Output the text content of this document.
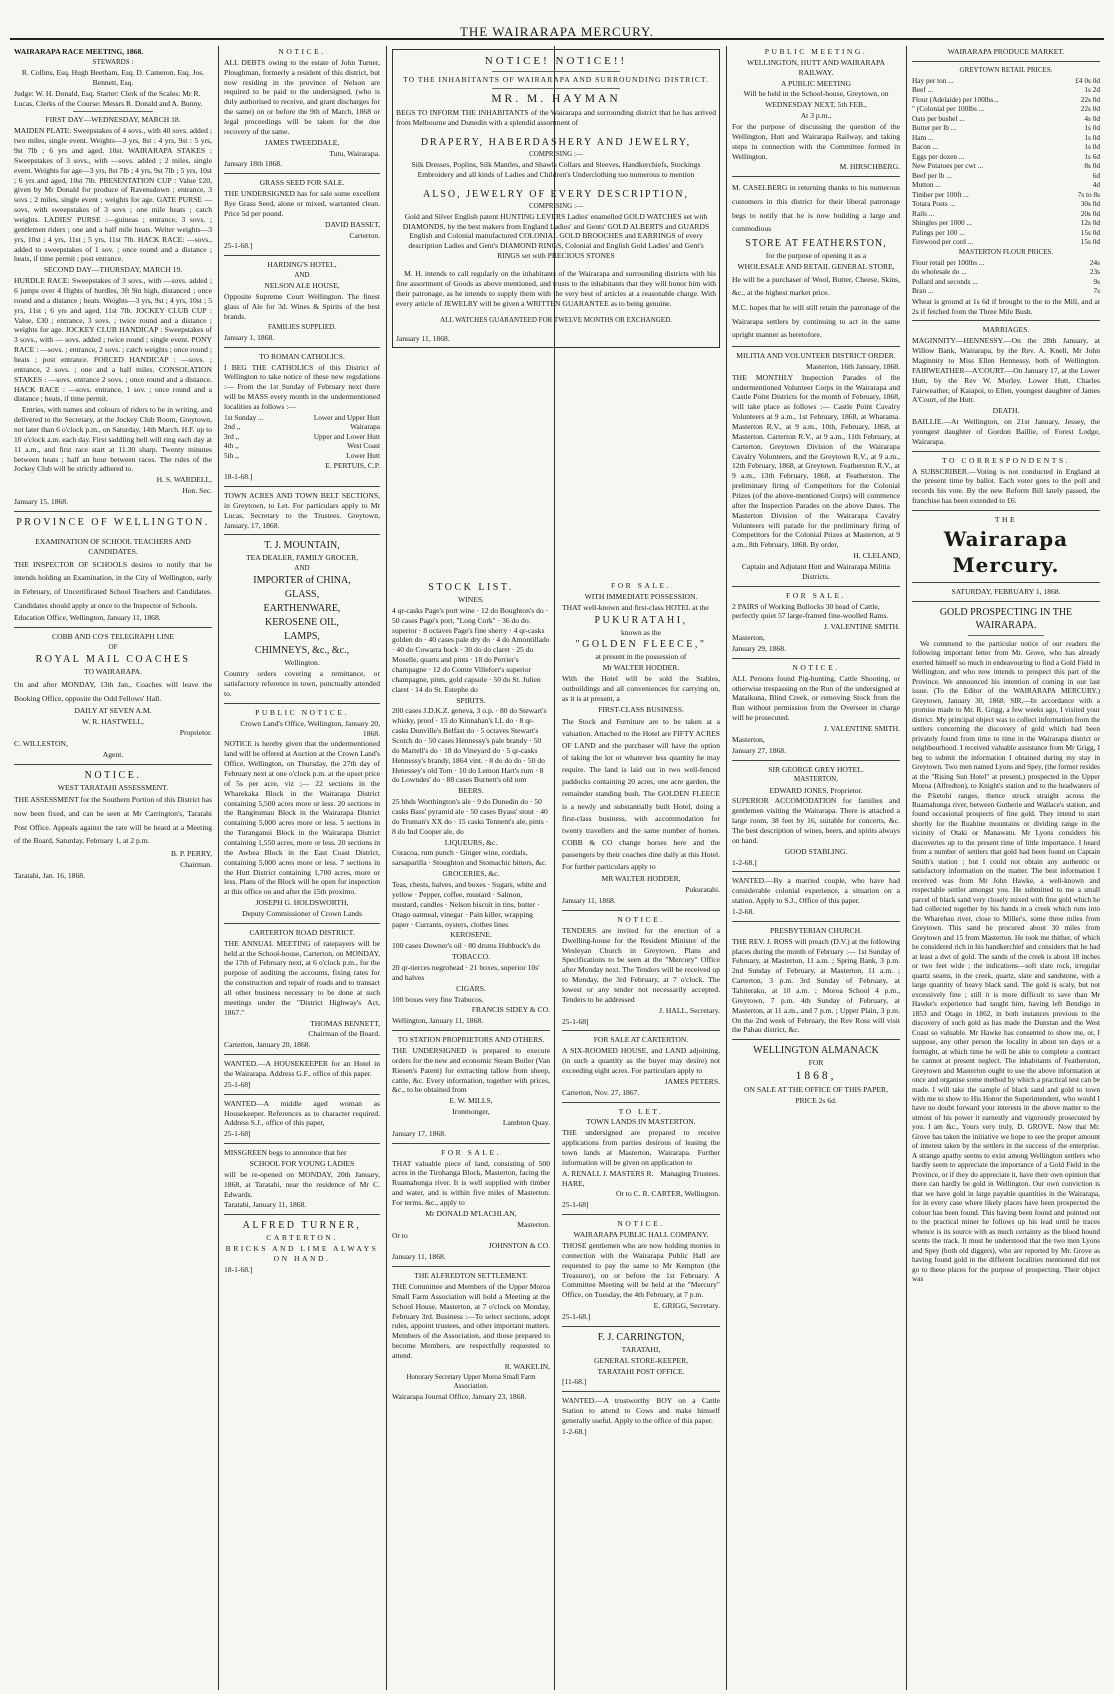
THE WAIRARAPA MERCURY.

WAIRARAPA RACE MEETING, 1868.

STEWARDS :

R. Collins, Esq. Hugh Beetham, Esq. D. Cameron, Esq. Jos. Bennett, Esq.

Judge: W. H. Donald, Esq. Starter: Clerk of the Scales: Mr R. Lucas, Clerks of the Course: Messrs R. Donald and A. Bunny.

FIRST DAY—WEDNESDAY, MARCH 18.

MAIDEN PLATE: Sweepstakes of 4 sovs., with 40 sovs. added ; two miles, single event. Weights—3 yrs, 8st : 4 yrs, 9st : 5 yrs, 9st 7lb ; 6 yrs and aged, 10st. WAIRARAPA STAKES : Sweepstakes of 3 sovs., with —sovs. added ; 2 miles, single event. Weights for age—3 yrs, 8st 7lb ; 4 yrs, 9st 7lb ; 5 yrs, 10st ; 6 yrs and aged, 10st 7lb. PRESENTATION CUP : Value £20, given by Mr Donald for produce of Ravensdown ; entrance, 3 sovs ; 2 miles, single event ; weights for age. GATE PURSE —sovs, with sweepstakes of 3 sovs ; one mile heats ; catch weights. LADIES' PURSE :—guineas ; entrance, 3 sovs. ; gentlemen riders ; one and a half mile heats. Welter weights—3 yrs, 10st ; 4 yrs, 11st ; 5 yrs, 11st 7lb. HACK RACE: —sovs., added to sweepstakes of 1 sov. ; once round and a distance ; heats, if time permit ; post entrance.

SECOND DAY—THURSDAY, MARCH 19.

HURDLE RACE: Sweepstakes of 3 sovs., with —sovs. added ; 6 jumps over 4 flights of hurdles, 3ft 9in high, distanced ; once round and a distance ; heats. Weights—3 yrs, 9st ; 4 yrs, 10st ; 5 yrs, 11st ; 6 yrs and aged, 11st 7lb. JOCKEY CLUB CUP : Value, £30 ; entrance, 3 sovs. ; twice round and a distance ; weights for age. JOCKEY CLUB HANDICAP : Sweepstakes of 3 sovs., with — sovs. added ; twice round ; single event. PONY RACE : —sovs. ; entrance, 2 sovs. ; catch weights ; once round ; heats ; post entrance. FORCED HANDICAP : —sovs. ; entrance, 2 sovs. ; one and a half miles. CONSOLATION STAKES : —sovs. entrance 2 sovs. ; once round and a distance. HACK RACE : —sovs. entrance, 1 sov. ; once round and a distance ; heats, if time permit.

Entries, with names and colours of riders to be in writing, and delivered to the Secretary, at the Jockey Club Room, Greytown, not later than 6 o'clock p.m., on Saturday, 14th March. H.F. up to 10 o'clock a.m. each day. First saddling bell will ring each day at 11 a.m., and first race start at 11.30 sharp. Twenty minutes between heats ; half an hour between races. The rules of the Jockey Club will be strictly adhered to.

H. S. WARDELL,

Hon. Sec.

January 15, 1868.

PROVINCE OF WELLINGTON.

EXAMINATION OF SCHOOL TEACHERS AND CANDIDATES.

THE INSPECTOR OF SCHOOLS desires to notify that he intends holding an Examination, in the City of Wellington, early in February, of Uncertificated School Teachers and Candidates. Candidates should apply at once to the Inspector of Schools.

Education Office, Wellington, January 11, 1868.

COBB AND CO'S TELEGRAPH LINE

OF

ROYAL MAIL COACHES

TO WAIRARAPA.

On and after MONDAY, 13th Jan., Coaches will leave the Booking Office, opposite the Odd Fellows' Hall.

DAILY AT SEVEN A.M.

W. R. HASTWELL,

Proprietor.

C. WILLESTON,

Agent.

NOTICE.

WEST TARATAHI ASSESSMENT.

THE ASSESSMENT for the Southern Portion of this District has now been fixed, and can be seen at Mr Carrington's, Taratahi Post Office. Appeals against the rate will be heard at a Meeting of the Board, Saturday, February 1, at 2 p.m.

B. P. PERRY,

Chairman.

Taratahi, Jan. 16, 1868.

NOTICE.

ALL DEBTS owing to the estate of John Turner, Ploughman, formerly a resident of this district, but now residing in the province of Nelson are required to be paid to the undersigned, (who is duly authorised to receive, and grant discharges for the same) on or before the 9th of March, 1868 or legal proceedings will be taken for the due recovery of the same.

JAMES TWEEDDALE,

Tutu, Wairarapa.

January 18th 1868.

GRASS SEED FOR SALE.

THE UNDERSIGNED has for sale some excellent Rye Grass Seed, alone or mixed, warranted clean. Price 5d per pound.

DAVID BASSET,

Carterton.

25-1-68.]

HARDING'S HOTEL,

AND

NELSON ALE HOUSE,

Opposite Supreme Court Wellington. The finest glass of Ale for 3d. Wines & Spirits of the best brands.

FAMILIES SUPPLIED.

January 1, 1868.

TO ROMAN CATHOLICS.

I BEG THE CATHOLICS of this District of Wellington to take notice of these new regulations :— From the 1st Sunday of February next there will be MASS every month in the undermentioned localities as follows :—

1st Sunday ...	Lower and Upper Hutt
2nd ,,	Wairarapa
3rd ,,	Upper and Lower Hutt
4th ,,	West Coast
5th ,,	Lower Hutt

E. PERTUIS, C.P.

18-1-68.]

TOWN ACRES AND TOWN BELT SECTIONS, in Greytown, to Let. For particulars apply to Mr Lucas, Secretary to the Trustees. Greytown, January, 17, 1868.

T. J. MOUNTAIN,

TEA DEALER, FAMILY GROCER,

AND

IMPORTER of CHINA,

GLASS,

EARTHENWARE,

KEROSENE OIL,

LAMPS,

CHIMNEYS, &c., &c.,

Wellington.

Country orders covering a remittance, or satisfactory reference in town, punctually attended to.

PUBLIC NOTICE.

Crown Land's Office, Wellington, January 20, 1868.

NOTICE is hereby given that the undermentioned land will be offered at Auction at the Crown Land's Office, Wellington, on Thursday, the 27th day of February next at one o'clock p.m. at the upset price of 5s per acre, viz ;— 22 sections in the Wharekaka Block in the Wairarapa District containing 5,500 acres more or less. 20 sections in the Rangitumau Block in the Wairarapa District containing 5,000 acres more or less. 5 sections in the Turanganui Block in the Wairarapa District containing 1,550 acres, more or less. 20 sections in the Awhea Block in the East Coast District, containing 5,000 acres more or less. 7 sections in the Hutt District containing 1,700 acres, more or less. Plans of the Block will be open for inspection at this office on and after the 15th proximo.

JOSEPH G. HOLDSWORTH,

Deputy Commissioner of Crown Lands

CARTERTON ROAD DISTRICT.

THE ANNUAL MEETING of ratepayers will be held at the School-house, Carterton, on MONDAY, the 17th of February next, at 6 o'clock p.m., for the purpose of auditing the accounts, fixing rates for the construction and repair of roads and to transact all other business necessary to be done at such meetings under the "District Highway's Act, 1867."

THOMAS BENNETT,

Chairman of the Board.

Carterton, January 20, 1868.

WANTED.—A HOUSEKEEPER for an Hotel in the Wairarapa. Address G.F., office of this paper.

25-1-68]

WANTED—A middle aged woman as Housekeeper. References as to character required. Address S.J., office of this paper,

25-1-68]

MISSGREEN begs to announce that her

SCHOOL FOR YOUNG LADIES

will be re-opened on MONDAY, 20th January, 1868, at Taratahi, near the residence of Mr C. Edwards.

Taratahi, January 11, 1868.

ALFRED TURNER,

CARTERTON.

BRICKS AND LIME ALWAYS ON HAND.

18-1-68.]

NOTICE! NOTICE!!

TO THE INHABITANTS OF WAIRARAPA AND SURROUNDING DISTRICT.

MR. M. HAYMAN

BEGS TO INFORM THE INHABITANTS of the Wairarapa and surrounding district that he has arrived from Melbourne and Dunedin with a splendid assortment of

DRAPERY, HABERDASHERY AND JEWELRY,

COMPRISING :—

Silk Dresses, Poplins, Silk Mantles, and Shawls Collars and Sleeves, Handkerchiefs, Stockings Embroidery and all kinds of Ladies and Children's Underclothing too numerous to mention

ALSO, JEWELRY OF EVERY DESCRIPTION,

COMPRISING :—

Gold and Silver English patent HUNTING LEVERS Ladies' enamelled GOLD WATCHES set with DIAMONDS, by the best makers from England Ladies' and Gents' GOLD ALBERTS and GUARDS English and Colonial manufactured COLONIAL GOLD BROOCHES and EARRINGS of every description Ladies and Gent's DIAMOND RINGS, Colonial and English Gold Ladies' and Gent's RINGS set with PRECIOUS STONES

M. H. intends to call regularly on the inhabitants of the Wairarapa and surrounding districts with his fine assortment of Goods as above mentioned, and trusts to the inhabitants that they will honor him with their patronage, as he intends to supply them with the very best of articles at a reasonable charge. With every article of JEWELRY will be given a WRITTEN GUARANTEE as to being genuine.

ALL WATCHES GUARANTEED FOR TWELVE MONTHS OR EXCHANGED.

January 11, 1868.

STOCK LIST.

WINES.

4 qr-casks Page's port wine · 12 do Boughton's do · 50 cases Page's port, "Long Cork" · 36 do do. superior · 8 octaves Page's fine sherry · 4 qr-casks golden do · 40 cases pale dry do · 4 do Amontillado · 40 do Cowarra hock · 30 do do claret · 25 do Moselle, quarts and pints · 18 do Perrier's champagne · 12 do Comte Villeforr's superior champagne, pints, gold capsule · 50 do St. Julien claret · 14 do St. Estephe do

SPIRITS.

200 cases J.D.K.Z. geneva, 3 o.p. · 80 do Stewart's whisky, proof · 15 do Kinnahan's LL do · 8 qr-casks Dunville's Belfast do · 5 octaves Stewart's Scotch do · 50 cases Hennessy's pale brandy · 50 do Martell's do · 18 do Vineyard do · 5 qr-casks Hennessy's brandy, 1864 vint. · 8 do do do · 50 do Henessey's old Tom · 10 do Lemon Hart's rum · 8 do Lowndes' do · 88 cases Burnett's old tom

BEERS.

25 hhds Worthington's ale · 9 do Dunedin do · 50 casks Bass' pyramid ale · 50 cases Byass' stout · 40 do Truman's XX do · 15 casks Tennent's ale, pints · 8 do Ind Cooper ale, do

LIQUEURS, &c.

Curacoa, rum punch · Ginger wine, cordials, sarsaparilla · Stoughton and Stomachic bitters, &c.

GROCERIES, &c.

Teas, chests, halves, and boxes · Sugars, white and yellow · Pepper, coffee, mustard · Salmon, mustard, candles · Nelson biscuit in tins, butter · Otago oatmeal, vinegar · Pain killer, wrapping paper · Currants, oysters, clothes lines

KEROSENE.

100 cases Downer's oil · 80 drums Hubbuck's do

TOBACCO.

20 qr-tierces negrohead · 21 boxes, superior 10s' and halves

CIGARS.

100 boxes very fine Trabucos.

FRANCIS SIDEY & CO.

Wellington, January 11, 1868.

TO STATION PROPRIETORS AND OTHERS.

THE UNDERSIGNED is prepared to execute orders for the new and economic Steam Boiler (Van Riesen's Patent) for extracting tallow from sheep, cattle, &c. Every information, together with prices, &c., to be obtained from

E. W. MILLS,

Ironmonger,

Lambton Quay.

January 17, 1868.

FOR SALE.

THAT valuable piece of land, consisting of 500 acres in the Tirohanga Block, Masterton, facing the Ruamahunga river. It is well supplied with timber and water, and is within five miles of Masterton. For terms, &c., apply to

Mr DONALD M'LACHLAN,

Masterton.

Or to

JOHNSTON & CO.

January 11, 1868.

THE ALFREDTON SETTLEMENT.

THE Committee and Members of the Upper Moroa Small Farm Association will hold a Meeting at the School House, Masterton, at 7 o'clock on Monday, February 3rd. Business :—To select sections, adopt rules, appoint trustees, and other important matters. Members of the Association, and those prepared to become Members, are respectfully requested to attend.

R. WAKELIN,

Honorary Secretary Upper Moroa Small Farm Association.

Wairarapa Journal Office, January 23, 1868.

FOR SALE.

WITH IMMEDIATE POSSESSION.

THAT well-known and first-class HOTEL at the

PUKURATAHI,

known as the

"GOLDEN FLEECE,"

at present in the possession of

Mr WALTER HODDER.

With the Hotel will be sold the Stables, outbuildings and all conveniences for carrying on, as it is at present, a

FIRST-CLASS BUSINESS.

The Stock and Furniture are to be taken at a valuation. Attached to the Hotel are FIFTY ACRES OF LAND and the purchaser will have the option of taking the lot or whatever less quantity he may require. The land is laid out in two well-fenced paddocks containing 20 acres, one acre garden, the remainder standing bush. The GOLDEN FLEECE is a newly and substantially built Hotel, doing a first-class business, with accommodation for twenty travellers and the same number of horses. COBB & CO change horses here and the passengers by their coaches dine daily at this Hotel. For further particulars apply to

MR WALTER HODDER,

Pukuratahi.

January 11, 1868.

NOTICE.

TENDERS are invited for the erection of a Dwelling-house for the Resident Minister of the Wesleyan Church in Greytown. Plans and Specifications to be seen at the "Mercury" Office after Monday next. The Tenders will be received up to Monday, the 3rd February, at 7 o'clock. The lowest or any tender not necessarily accepted. Tenders to be addressed

J. HALL, Secretary.

25-1-68]

FOR SALE AT CARTERTON.

A SIX-ROOMED HOUSE, and LAND adjoining, (in such a quantity as the buyer may desire) not exceeding eight acres. For particulars apply to

JAMES PETERS.

Carterton, Nov. 27, 1867.

TO LET.

TOWN LANDS IN MASTERTON.

THE undersigned are prepared to receive applications from parties desirous of leasing the town lands at Masterton, Wairarapa. Further information will be given on application to

A. RENALL J. MASTERS R. HARE,
Managing Trustees.

Or to C. R. CARTER, Wellington.

25-1-68]

NOTICE.

WAIRARAPA PUBLIC HALL COMPANY.

THOSE gentlemen who are now holding monies in connection with the Wairarapa Public Hall are requested to pay the same to Mr Kempton (the Treasurer), on or before the 1st February. A Committee Meeting will be held at the "Mercury" Office, on Tuesday, the 4th February, at 7 p.m.

E. GRIGG, Secretary.

25-1-68.]

F. J. CARRINGTON,

TARATAHI,

GENERAL STORE-KEEPER,

TARATAHI POST OFFICE.

[11-68.]

WANTED.—A trustworthy BOY on a Cattle Station to attend to Cows and make himself generally useful. Apply to the office of this paper.

1-2-68.]

PUBLIC MEETING.

WELLINGTON, HUTT AND WAIRARAPA RAILWAY.

A PUBLIC MEETING

Will be held in the School-house, Greytown, on

WEDNESDAY NEXT, 5th FEB.,

At 3 p.m.,

For the purpose of discussing the question of the Wellington, Hutt and Wairarapa Railway, and taking steps in connection with the Committee formed in Wellington.

M. HIRSCHBERG.

M. CASELBERG in returning thanks to his numerous customers in this district for their liberal patronage begs to notify that he is now building a large and commodious

STORE AT FEATHERSTON,

for the purpose of opening it as a

WHOLESALE AND RETAIL GENERAL STORE,

He will be a purchaser of Wool, Butter, Cheese, Skins, &c., at the highest market price.

M.C. hopes that he will still retain the patronage of the Wairarapa settlers by continuing to act in the same upright manner as heretofore.

MILITIA AND VOLUNTEER DISTRICT ORDER.

Masterton, 16th January, 1868.

THE MONTHLY Inspection Parades of the undermentioned Volunteer Corps in the Wairarapa and Castle Point Districts for the month of February, 1868, will take place as follows :— Castle Point Cavalry Volunteers at 9 a.m., 1st February, 1868, at Wharama. Masterton R.V., at 9 a.m., 10th, February, 1868, at Masterton. Carterton R.V., at 9 a.m., 11th February, at Carterton. Greytown Division of the Wairarapa Cavalry Volunteers, and the Greytown R.V., at 9 a.m., 12th February, 1868, at Greytown. Featherston R.V., at 9 a.m., 13th February, 1868, at Featherston. The preliminary firing of Competitors for the Colonial Prizes (of the above-mentioned Corps) will commence after the Inspection Parades on the above Dates. The Masterton Division of the Wairarapa Cavalry Volunteers will parade for the preliminary firing of Competitors for the Colonial Prizes at Masterton, at 9 a.m., 8th February, 1868. By order,

H. CLELAND,

Captain and Adjutant Hutt and Wairarapa Militia Districts.

FOR SALE.

2 PAIRS of Working Bullocks 30 head of Cattle, perfectly quiet 57 large-framed fine-woolled Rams.

J. VALENTINE SMITH.

Masterton,

January 29, 1868.

NOTICE.

ALL Persons found Pig-hunting, Cattle Shooting, or otherwise trespassing on the Run of the undersigned at Mataikuna, Blind Creek, or removing Stock from the Run without permission from the Overseer in charge will be prosecuted.

J. VALENTINE SMITH.

Masterton,

January 27, 1868.

SIR GEORGE GREY HOTEL.

MASTERTON,

EDWARD JONES, Proprietor.

SUPERIOR ACCOMODATION for families and gentlemen visiting the Wairarapa. There is attached a large room, 38 feet by 16, suitable for concerts, &c. The best description of wines, beers, and spirits always on hand.

GOOD STABLING.

1-2-68.]

WANTED.—By a married couple, who have had considerable colonial experience, a situation on a station. Apply to S.J., Office of this paper.

1-2-68.

PRESBYTERIAN CHURCH.

THE REV. J. ROSS will preach (D.V.) at the following places during the month of February :— 1st Sunday of February, at Masterton, 11 a.m. ; Spring Bank, 3 p.m. 2nd Sunday of February, at Masterton, 11 a.m. ; Carterton, 3 p.m. 3rd Sunday of February, at Tahiteraku, at 10 a.m. ; Moroa School 4 p.m., Greytown, 7 p.m. 4th Sunday of February, at Masterton, at 11 a.m., and 7 p.m. ; Upper Plain, 3 p.m. On the 2nd week of February, the Rev Ross will visit the Pahau district, &c.

WELLINGTON ALMANACK

FOR

1868,

ON SALE AT THE OFFICE OF THIS PAPER,

PRICE 2s 6d.

WAIRARAPA PRODUCE MARKET.

GREYTOWN RETAIL PRICES.

Hay per ton ...	£4 0s 0d
Beef ...	1s 2d
Flour (Adelaide) per 100lbs...	22s 0d
" (Colonial per 100lbs ...	22s 0d
Oats per bushel ...	4s 0d
Butter per lb ...	1s 0d
Ham ...	1s 0d
Bacon ...	1s 0d
Eggs per dozen ...	1s 6d
New Potatoes per cwt ...	8s 0d
Beef per lb ...	6d
Mutton ...	4d
Timber per 100ft ...	7s to 8s
Totara Posts ...	30s 0d
Rails ...	20s 0d
Shingles per 1000 ...	12s 0d
Palings per 100 ...	15s 0d
Firewood per cord ...	15s 0d

MASTERTON FLOUR PRICES.

Flour retail per 100lbs ...	24s
do wholesale do ...	23s
Pollard and seconds ...	9s
Bran ...	7s

Wheat is ground at 1s 6d if brought to the to the Mill, and at 2s if fetched from the Three Mile Bush.

MARRIAGES.

MAGINNITY—HENNESSY.—On the 28th January, at Willow Bank, Wairarapa, by the Rev. A. Knell, Mr John Maginnity to Miss Ellen Hennessy, both of Wellington. FAIRWEATHER—A'COURT.—On January 17, at the Lower Hutt, by the Rev W. Morley. Lower Hutt, Charles Fairweather, of Kaiapoi, to Ellen, youngest daughter of James A'Court, of the Hutt.

DEATH.

BAILLIE.—At Wellington, on 21st January, Jessey, the youngest daughter of Gordon Baillie, of Forest Lodge, Wairarapa.

TO CORRESPONDENTS.

A SUBSCRIBER.—Voting is not conducted in England at the present time by ballot. Each voter goes to the poll and records his vote. By the new Reform Bill lately passed, the franchise has been extended to £6.

THE

Wairarapa Mercury.

SATURDAY, FEBRUARY 1, 1868.

GOLD PROSPECTING IN THE WAIRARAPA.

We commend to the particular notice of our readers the following important letter from Mr. Grove, who has already exerted himself so much in endeavouring to find a Gold Field in Wellington, and who now intends to prospect this part of the Province. We announced his intention of coming in our last issue. (To the Editor of the WAIRARAPA MERCURY.) Greytown, January 30, 1868. SIR,—In accordance with a promise made to Mr. R. Grigg, a few weeks ago, I visited your district. My principal object was to collect information from the settlers concerning the discovery of gold which had been privately found from time to time in the Wairarapa district or neighbourhood. I received valuable assistance from Mr Grigg, I beg to submit the information I obtained during my stay in Greytown. Two men named Lyons and Spey, (the former resides at the "Rising Sun Hotel" at present,) prospected in the Upper Moroa (Alfredton), to Knight's station and to the headwaters of the P.ketohi ranges, thence struck straight across the Ruamahunga river, between Gutherie and Wallace's station, and found occasional prospects of fine gold. They intend to start shortly for the Ruahine mountains or dividing range in the vicinity of Otaki or Manawatu. Mr Lyons considers his discoveries up to the present time of little importance. I heard from a number of settlers that gold had been found on Captain Smith's station ; but I could not obtain any authentic or satisfactory information on the matter. The best information I received was from Mr John Hawke, a well-known and respectable settler amongst you. He submitted to me a small parcel of black sand very closely mixed with fine gold which he had collected together by his hands in a creek which runs into the Wharehau river, close to Miller's, some three miles from Greytown. This sand he procured about 30 miles from Greytown and 15 from Masterton. He took me thither, of which he considered rich in his handkerchief and considers that he had at least a dwt of gold. The sands of the creek is about 18 inches or two feet wide ; the indications—soft slate rock, irregular quartz seams, in the creek, quartz, slate and sandstone, with a large quantity of heavy black sand. The gold is scaly, but not excessively fine ; still it is more difficult to save than Mr Hawke's experience had taught him, having left Bendigo in 1853 and Otago in 1862, in both instances previous to the discovery of such gold as has made the Dunstan and the West Coast so valuable. Mr Hawke has consented to show me, or, I suppose, any other person the locality in about ten days or a fortnight, at which time he will be able to complete a contract he cannot at present neglect. The inhabitants of Featherston, Greytown and Masterton ought to use the above information at once and organise some method by which a practical test can be made. I will take the sample of black sand and gold to town with me to show to His Honor the Superintendent, who would I have no doubt forward your interests in the above matter to the utmost of his power it earnestly and vigorously prosecuted by you. I am &c., Yours very truly, D. GROVE. Now that Mr. Grove has taken the initiative we hope to see the proper amount of interest taken by the settlers in the success of the enterprise. A strange apathy seems to exist among Wellington settlers who hardly seem to appreciate the importance of a Gold Field in the Province, or if they do appreciate it, have their own opinion that there can hardly be gold in Wellington. Our own conviction is that we have gold in large payable quantities in the Wairarapa, for in every case where likely places have been prospected the colour has been found. This having been found and pointed out to the practical miner he follows up his lead until he traces whence is its source with as much certainty as the blood hound scents the track. It must be understood that the two men Lyons and Spey (both old diggers), who are reported by Mr. Grove as having found gold in the different localities mentioned did not go to these places for the purpose of prospecting. Their object was
